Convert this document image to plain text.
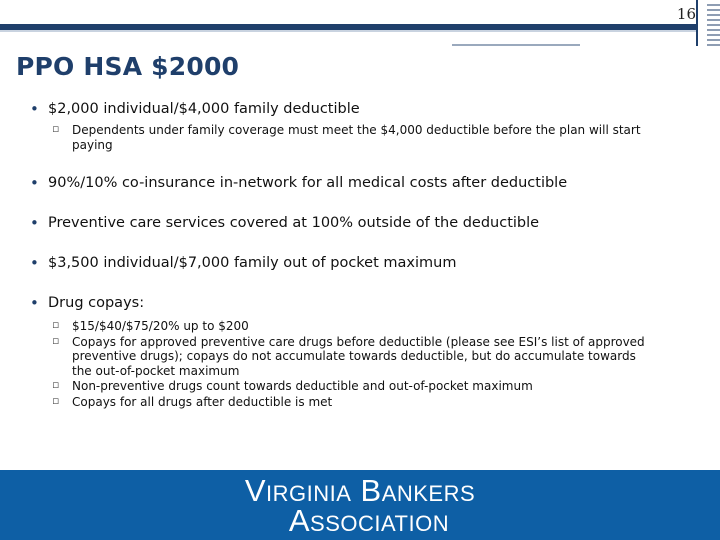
16
PPO HSA $2000

• $2,000 individual/$4,000 family deductible

▫ Dependents under family coverage must meet the $4,000 deductible before the plan will start paying

• 90%/10% co-insurance in-network for all medical costs after deductible

• Preventive care services covered at 100% outside of the deductible

• $3,500 individual/$7,000 family out of pocket maximum

• Drug copays:

▫ $15/$40/$75/20% up to $200

▫ Copays for approved preventive care drugs before deductible (please see ESI’s list of approved preventive drugs); copays do not accumulate towards deductible, but do accumulate towards the out-of-pocket maximum

▫ Non-preventive drugs count towards deductible and out-of-pocket maximum

▫ Copays for all drugs after deductible is met

Virginia Bankers
Association
